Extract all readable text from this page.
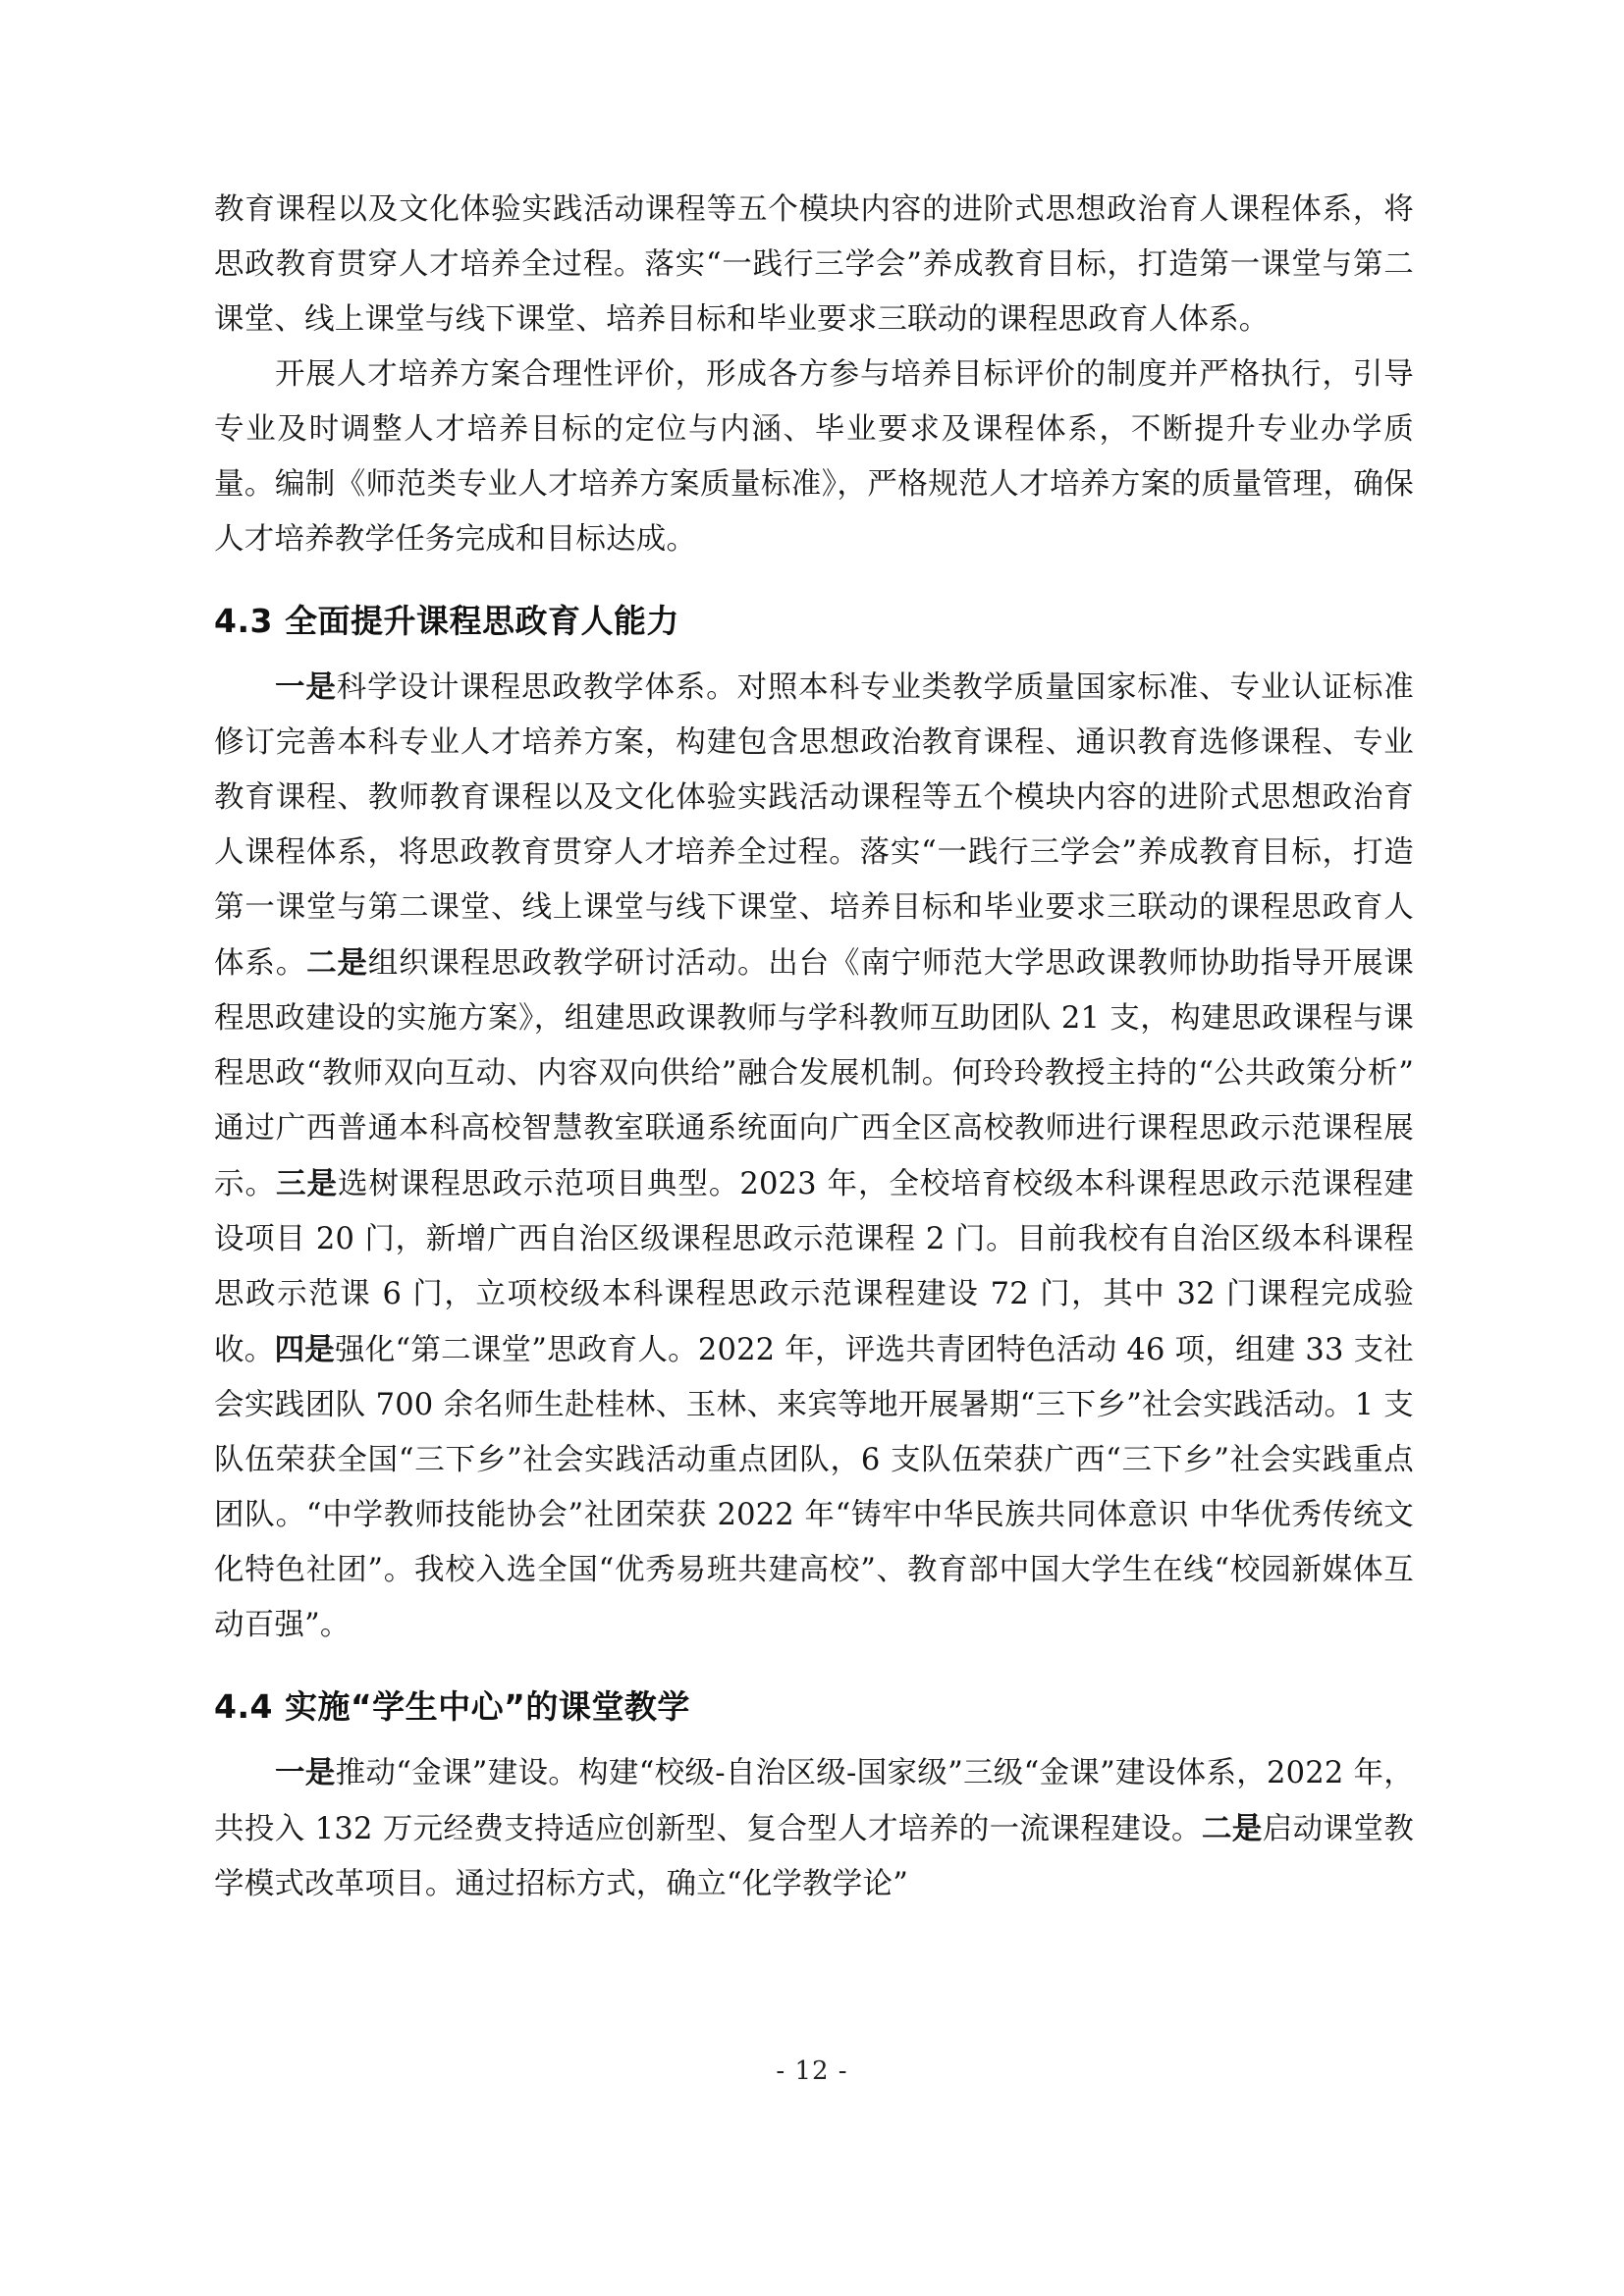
教育课程以及文化体验实践活动课程等五个模块内容的进阶式思想政治育人课程体系，将思政教育贯穿人才培养全过程。落实“一践行三学会”养成教育目标，打造第一课堂与第二课堂、线上课堂与线下课堂、培养目标和毕业要求三联动的课程思政育人体系。

开展人才培养方案合理性评价，形成各方参与培养目标评价的制度并严格执行，引导专业及时调整人才培养目标的定位与内涵、毕业要求及课程体系，不断提升专业办学质量。编制《师范类专业人才培养方案质量标准》，严格规范人才培养方案的质量管理，确保人才培养教学任务完成和目标达成。

4.3 全面提升课程思政育人能力

一是科学设计课程思政教学体系。对照本科专业类教学质量国家标准、专业认证标准修订完善本科专业人才培养方案，构建包含思想政治教育课程、通识教育选修课程、专业教育课程、教师教育课程以及文化体验实践活动课程等五个模块内容的进阶式思想政治育人课程体系，将思政教育贯穿人才培养全过程。落实“一践行三学会”养成教育目标，打造第一课堂与第二课堂、线上课堂与线下课堂、培养目标和毕业要求三联动的课程思政育人体系。二是组织课程思政教学研讨活动。出台《南宁师范大学思政课教师协助指导开展课程思政建设的实施方案》，组建思政课教师与学科教师互助团队 21 支，构建思政课程与课程思政“教师双向互动、内容双向供给”融合发展机制。何玲玲教授主持的“公共政策分析”通过广西普通本科高校智慧教室联通系统面向广西全区高校教师进行课程思政示范课程展示。三是选树课程思政示范项目典型。2023 年，全校培育校级本科课程思政示范课程建设项目 20 门，新增广西自治区级课程思政示范课程 2 门。目前我校有自治区级本科课程思政示范课 6 门，立项校级本科课程思政示范课程建设 72 门，其中 32 门课程完成验收。四是强化“第二课堂”思政育人。2022 年，评选共青团特色活动 46 项，组建 33 支社会实践团队 700 余名师生赴桂林、玉林、来宾等地开展暑期“三下乡”社会实践活动。1 支队伍荣获全国“三下乡”社会实践活动重点团队，6 支队伍荣获广西“三下乡”社会实践重点团队。“中学教师技能协会”社团荣获 2022 年“铸牢中华民族共同体意识 中华优秀传统文化特色社团”。我校入选全国“优秀易班共建高校”、教育部中国大学生在线“校园新媒体互动百强”。

4.4 实施“学生中心”的课堂教学

一是推动“金课”建设。构建“校级-自治区级-国家级”三级“金课”建设体系，2022 年，共投入 132 万元经费支持适应创新型、复合型人才培养的一流课程建设。二是启动课堂教学模式改革项目。通过招标方式，确立“化学教学论”

- 12 -
